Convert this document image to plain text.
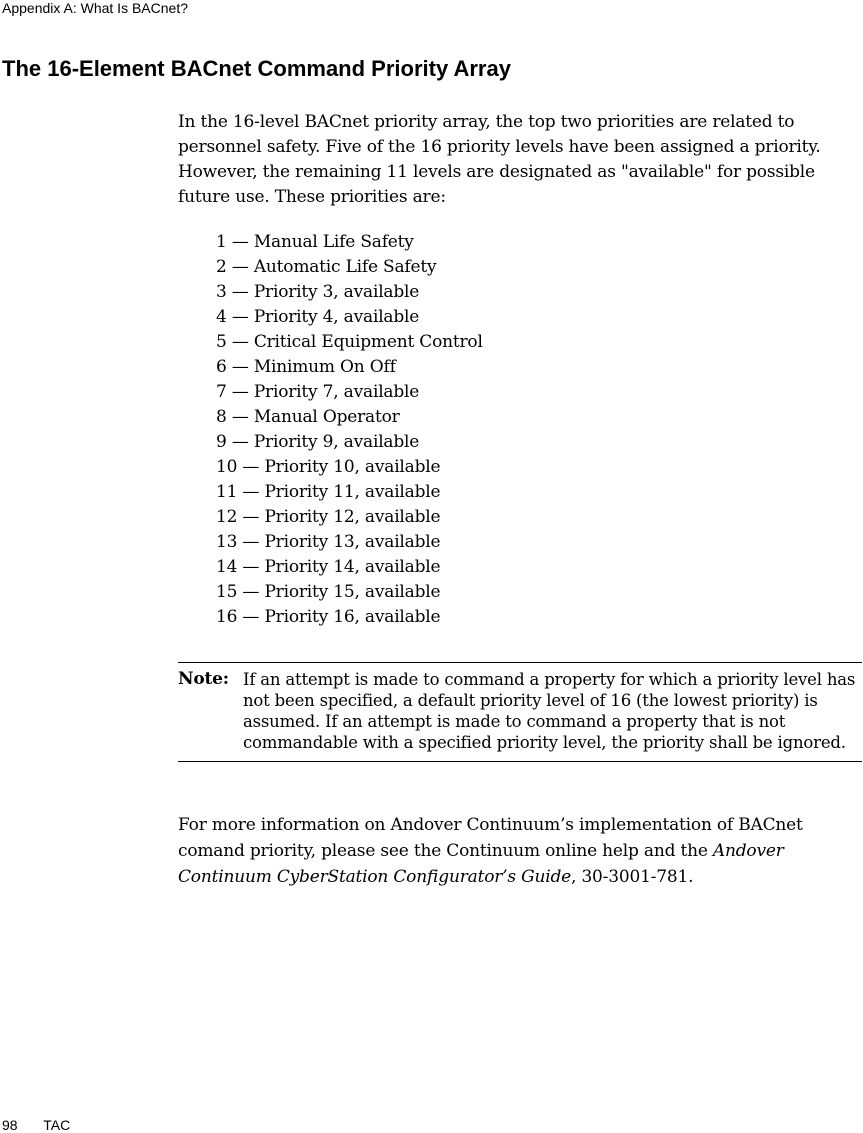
Appendix A: What Is BACnet?
The 16-Element BACnet Command Priority Array

In the 16-level BACnet priority array, the top two priorities are related to personnel safety. Five of the 16 priority levels have been assigned a priority. However, the remaining 11 levels are designated as "available" for possible future use. These priorities are:

1 — Manual Life Safety
2 — Automatic Life Safety
3 — Priority 3, available
4 — Priority 4, available
5 — Critical Equipment Control
6 — Minimum On Off
7 — Priority 7, available
8 — Manual Operator
9 — Priority 9, available
10 — Priority 10, available
11 — Priority 11, available
12 — Priority 12, available
13 — Priority 13, available
14 — Priority 14, available
15 — Priority 15, available
16 — Priority 16, available
Note: If an attempt is made to command a property for which a priority level has not been specified, a default priority level of 16 (the lowest priority) is assumed. If an attempt is made to command a property that is not commandable with a specified priority level, the priority shall be ignored.

For more information on Andover Continuum’s implementation of BACnet comand priority, please see the Continuum online help and the Andover Continuum CyberStation Configurator’s Guide, 30-3001-781.

98 TAC
